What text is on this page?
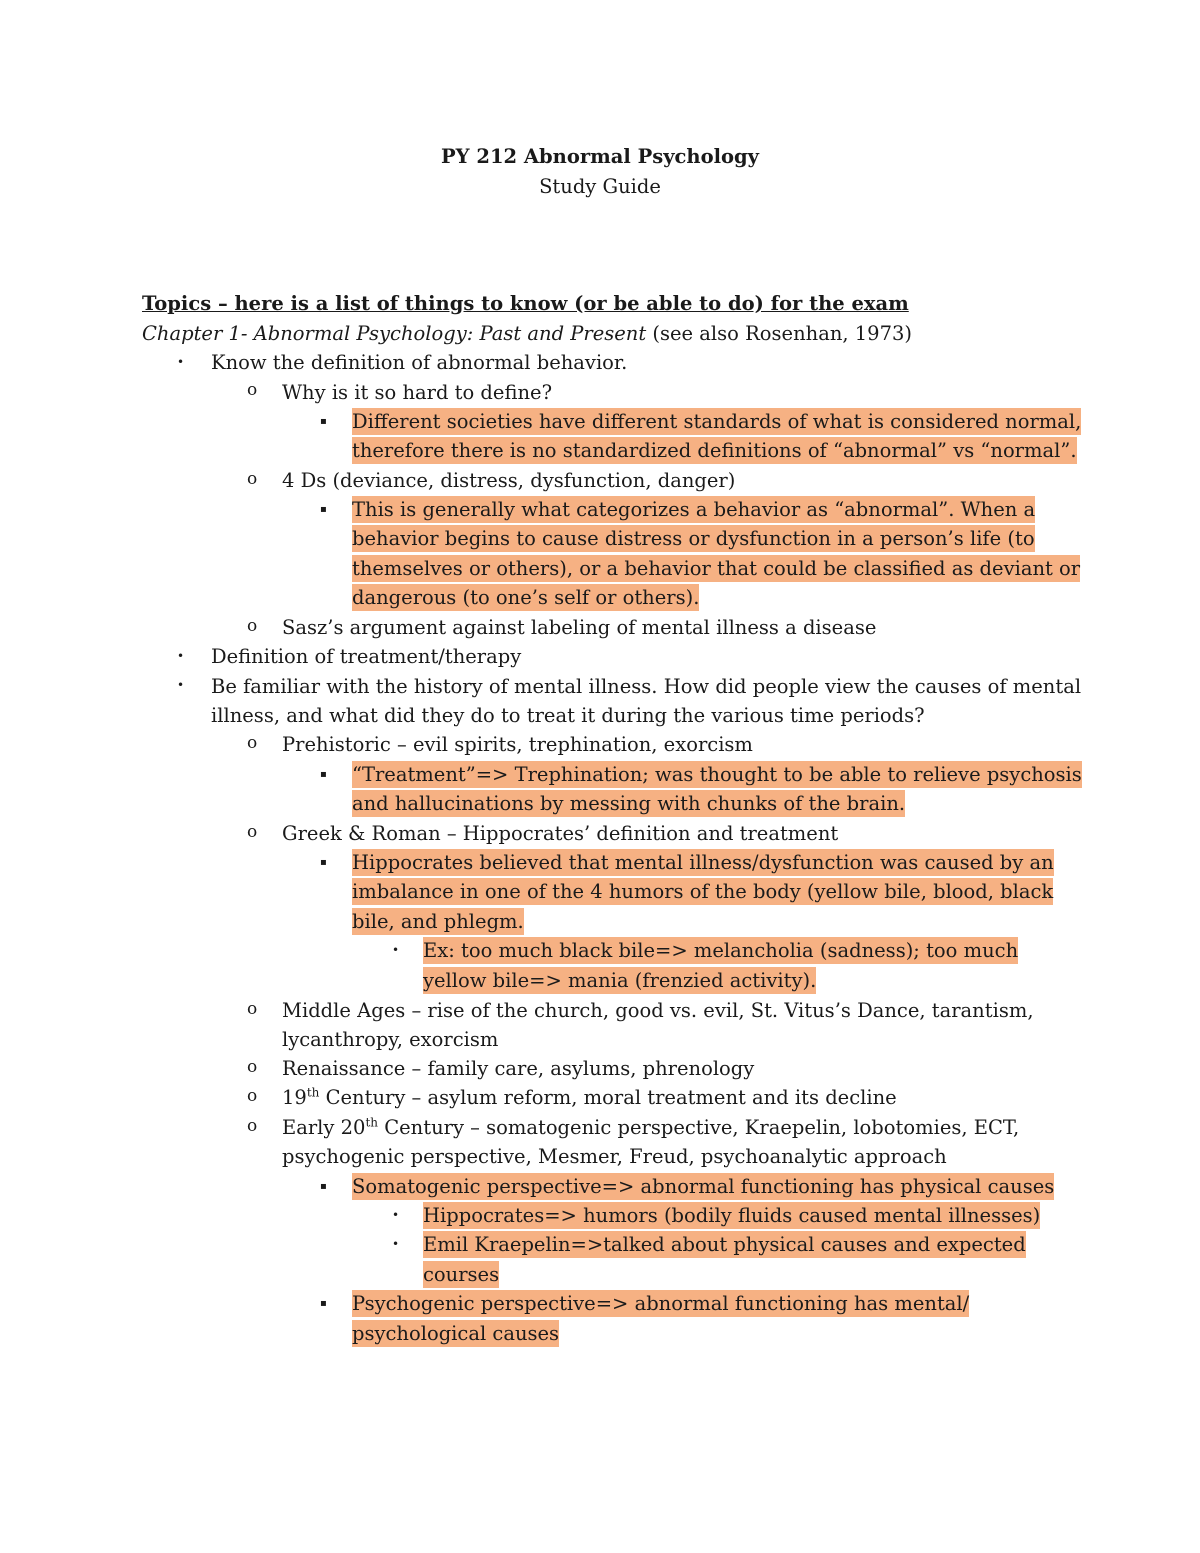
PY 212 Abnormal Psychology
Study Guide
Topics – here is a list of things to know (or be able to do) for the exam
Chapter 1- Abnormal Psychology: Past and Present (see also Rosenhan, 1973)
• Know the definition of abnormal behavior.
o Why is it so hard to define?
▪ Different societies have different standards of what is considered normal,
therefore there is no standardized definitions of “abnormal” vs “normal”.
o 4 Ds (deviance, distress, dysfunction, danger)
▪ This is generally what categorizes a behavior as “abnormal”. When a
behavior begins to cause distress or dysfunction in a person’s life (to
themselves or others), or a behavior that could be classified as deviant or
dangerous (to one’s self or others).
o Sasz’s argument against labeling of mental illness a disease
• Definition of treatment/therapy
• Be familiar with the history of mental illness. How did people view the causes of mental
illness, and what did they do to treat it during the various time periods?
o Prehistoric – evil spirits, trephination, exorcism
▪ “Treatment”=> Trephination; was thought to be able to relieve psychosis
and hallucinations by messing with chunks of the brain.
o Greek & Roman – Hippocrates’ definition and treatment
▪ Hippocrates believed that mental illness/dysfunction was caused by an
imbalance in one of the 4 humors of the body (yellow bile, blood, black
bile, and phlegm.
• Ex: too much black bile=> melancholia (sadness); too much
yellow bile=> mania (frenzied activity).
o Middle Ages – rise of the church, good vs. evil, St. Vitus’s Dance, tarantism,
lycanthropy, exorcism
o Renaissance – family care, asylums, phrenology
o 19th Century – asylum reform, moral treatment and its decline
o Early 20th Century – somatogenic perspective, Kraepelin, lobotomies, ECT,
psychogenic perspective, Mesmer, Freud, psychoanalytic approach
▪ Somatogenic perspective=> abnormal functioning has physical causes
• Hippocrates=> humors (bodily fluids caused mental illnesses)
• Emil Kraepelin=>talked about physical causes and expected
courses
▪ Psychogenic perspective=> abnormal functioning has mental/
psychological causes
